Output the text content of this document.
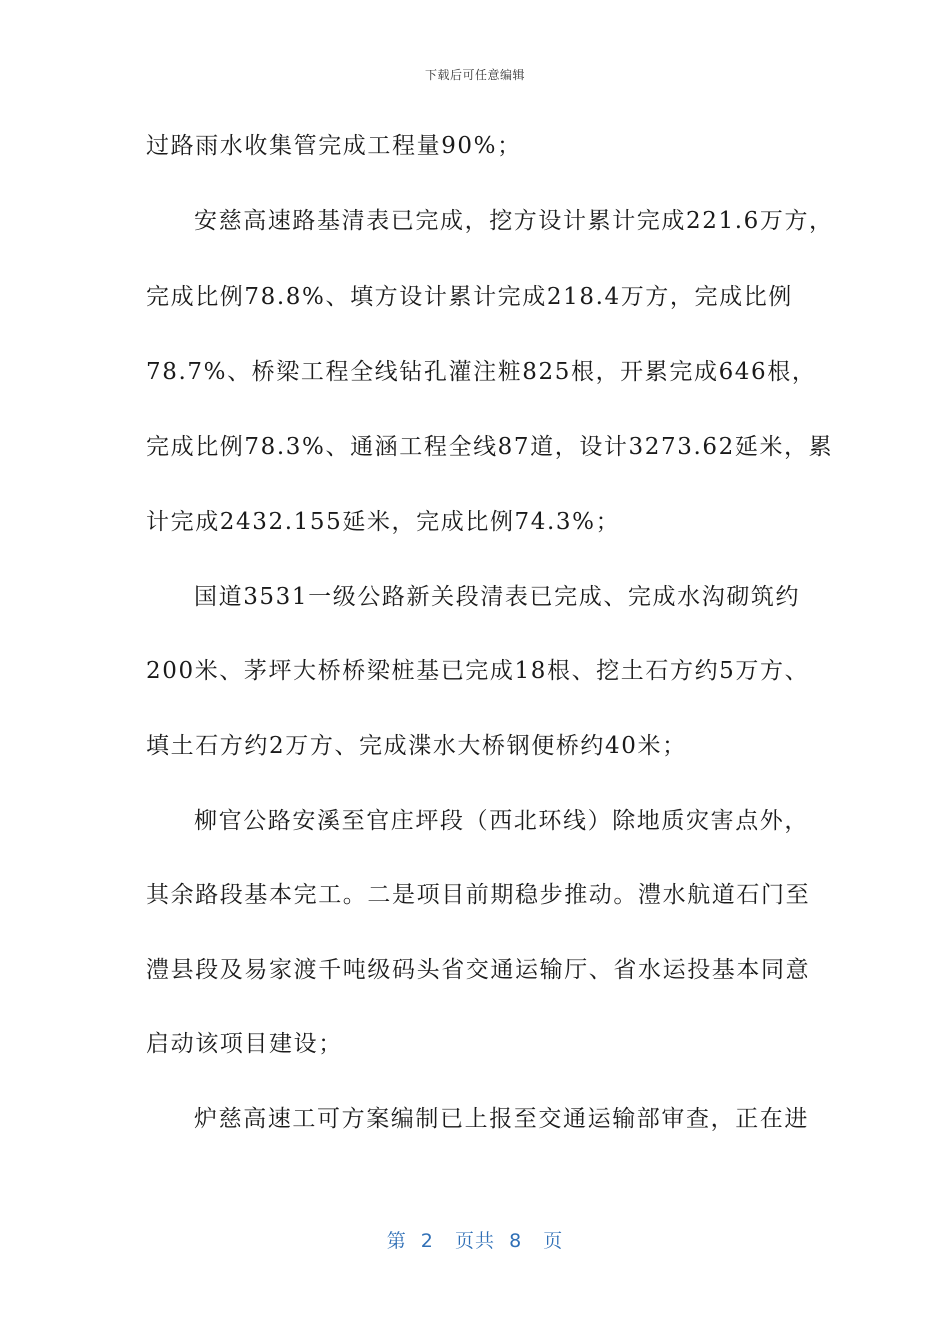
下载后可任意编辑
过路雨水收集管完成工程量90%；
安慈高速路基清表已完成，挖方设计累计完成221.6万方，
完成比例78.8%、填方设计累计完成218.4万方，完成比例
78.7%、桥梁工程全线钻孔灌注粧825根，开累完成646根，
完成比例78.3%、通涵工程全线87道，设计3273.62延米，累
计完成2432.155延米，完成比例74.3%；
国道3531一级公路新关段清表已完成、完成水沟砌筑约
200米、茅坪大桥桥梁桩基已完成18根、挖土石方约5万方、
填土石方约2万方、完成渫水大桥钢便桥约40米；
柳官公路安溪至官庄坪段（西北环线）除地质灾害点外，
其余路段基本完工。二是项目前期稳步推动。澧水航道石门至
澧县段及易家渡千吨级码头省交通运输厅、省水运投基本同意
启动该项目建设；
炉慈高速工可方案编制已上报至交通运输部审查，正在进
第  2   页共  8   页
